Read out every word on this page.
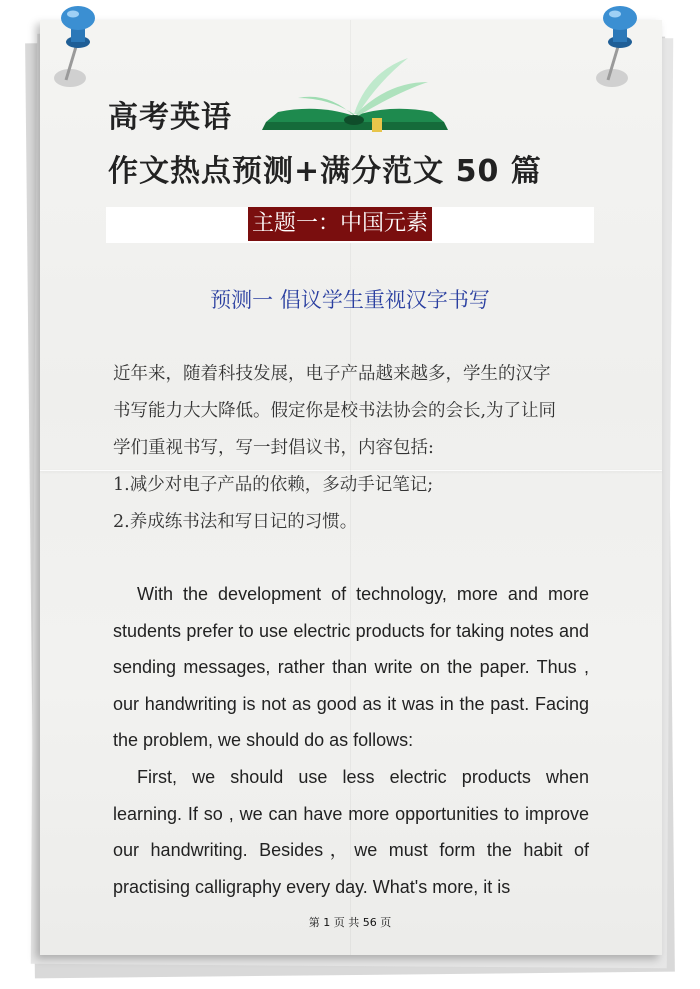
高考英语
作文热点预测+满分范文 50 篇
主题一：中国元素
预测一 倡议学生重视汉字书写

近年来，随着科技发展，电子产品越来越多，学生的汉字

书写能力大大降低。假定你是校书法协会的会长,为了让同

学们重视书写，写一封倡议书，内容包括:

1.减少对电子产品的依赖，多动手记笔记;

2.养成练书法和写日记的习惯。

With the development of technology, more and more students prefer to use electric products for taking notes and sending messages, rather than write on the paper. Thus , our handwriting is not as good as it was in the past. Facing the problem, we should do as follows:

First, we should use less electric products when learning. If so , we can have more opportunities to improve our handwriting. Besides，we must form the habit of practising calligraphy every day. What's more, it is

第 1 页 共 56 页
